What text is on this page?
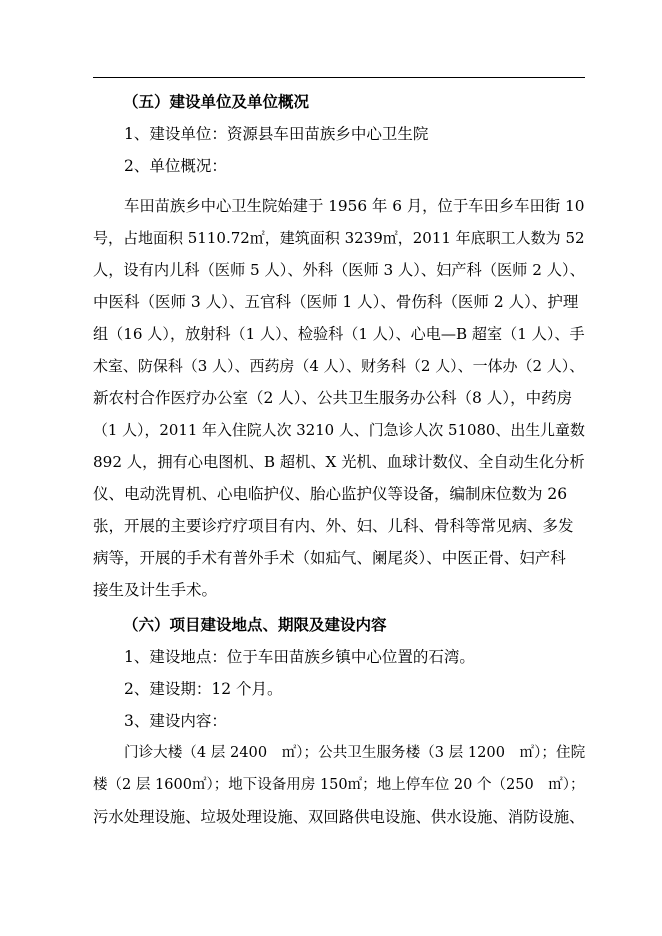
（五）建设单位及单位概况
1、建设单位：资源县车田苗族乡中心卫生院
2、单位概况：
车田苗族乡中心卫生院始建于 1956 年 6 月，位于车田乡车田街 10
号，占地面积 5110.72㎡，建筑面积 3239㎡，2011 年底职工人数为 52
人，设有内儿科（医师 5 人）、外科（医师 3 人）、妇产科（医师 2 人）、
中医科（医师 3 人）、五官科（医师 1 人）、骨伤科（医师 2 人）、护理
组（16 人），放射科（1 人）、检验科（1 人）、心电—B 超室（1 人）、手
术室、防保科（3 人）、西药房（4 人）、财务科（2 人）、一体办（2 人）、
新农村合作医疗办公室（2 人）、公共卫生服务办公科（8 人），中药房
（1 人），2011 年入住院人次 3210 人、门急诊人次 51080、出生儿童数
892 人，拥有心电图机、B 超机、X 光机、血球计数仪、全自动生化分析
仪、电动洗胃机、心电临护仪、胎心监护仪等设备，编制床位数为 26
张，开展的主要诊疗疗项目有内、外、妇、儿科、骨科等常见病、多发
病等，开展的手术有普外手术（如疝气、阑尾炎）、中医正骨、妇产科
接生及计生手术。
（六）项目建设地点、期限及建设内容
1、建设地点：位于车田苗族乡镇中心位置的石湾。
2、建设期：12 个月。
3、建设内容：
门诊大楼（4 层 2400　㎡）；公共卫生服务楼（3 层 1200　㎡）；住院
楼（2 层 1600㎡）；地下设备用房 150㎡；地上停车位 20 个（250　㎡）；
污水处理设施、垃圾处理设施、双回路供电设施、供水设施、消防设施、
